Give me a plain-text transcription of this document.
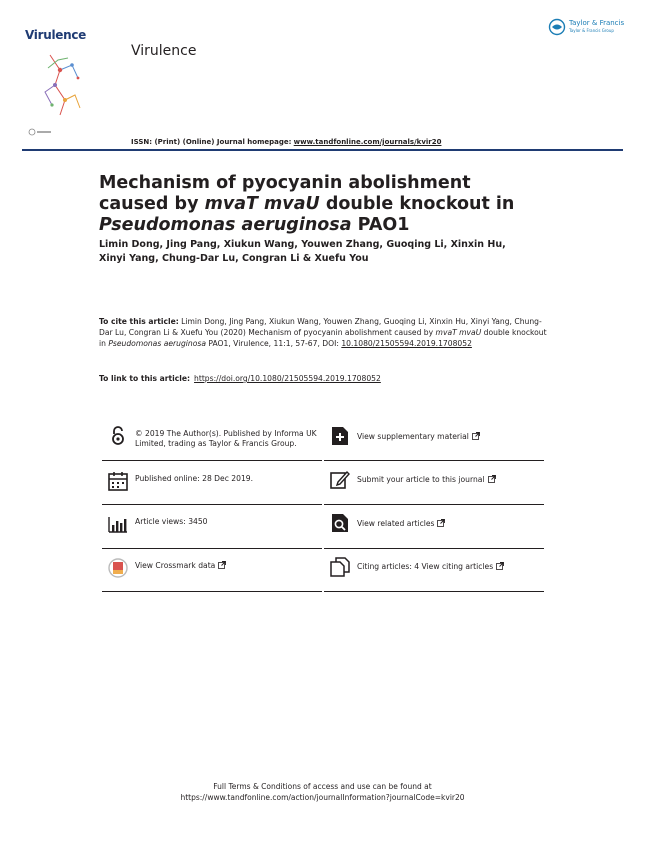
Virulence
Virulence
Taylor & Francis
Taylor & Francis Group
ISSN: (Print) (Online) Journal homepage: www.tandfonline.com/journals/kvir20
Mechanism of pyocyanin abolishment caused by mvaT mvaU double knockout in Pseudomonas aeruginosa PAO1
Limin Dong, Jing Pang, Xiukun Wang, Youwen Zhang, Guoqing Li, Xinxin Hu,
Xinyi Yang, Chung-Dar Lu, Congran Li & Xuefu You
To cite this article: Limin Dong, Jing Pang, Xiukun Wang, Youwen Zhang, Guoqing Li, Xinxin Hu, Xinyi Yang, Chung-Dar Lu, Congran Li & Xuefu You (2020) Mechanism of pyocyanin abolishment caused by mvaT mvaU double knockout in Pseudomonas aeruginosa PAO1, Virulence, 11:1, 57-67, DOI: 10.1080/21505594.2019.1708052
To link to this article: https://doi.org/10.1080/21505594.2019.1708052
© 2019 The Author(s). Published by Informa UK Limited, trading as Taylor & Francis Group.
Published online: 28 Dec 2019.
Article views: 3450
View Crossmark data
View supplementary material
Submit your article to this journal
View related articles
Citing articles: 4 View citing articles
Full Terms & Conditions of access and use can be found at
https://www.tandfonline.com/action/journalInformation?journalCode=kvir20
